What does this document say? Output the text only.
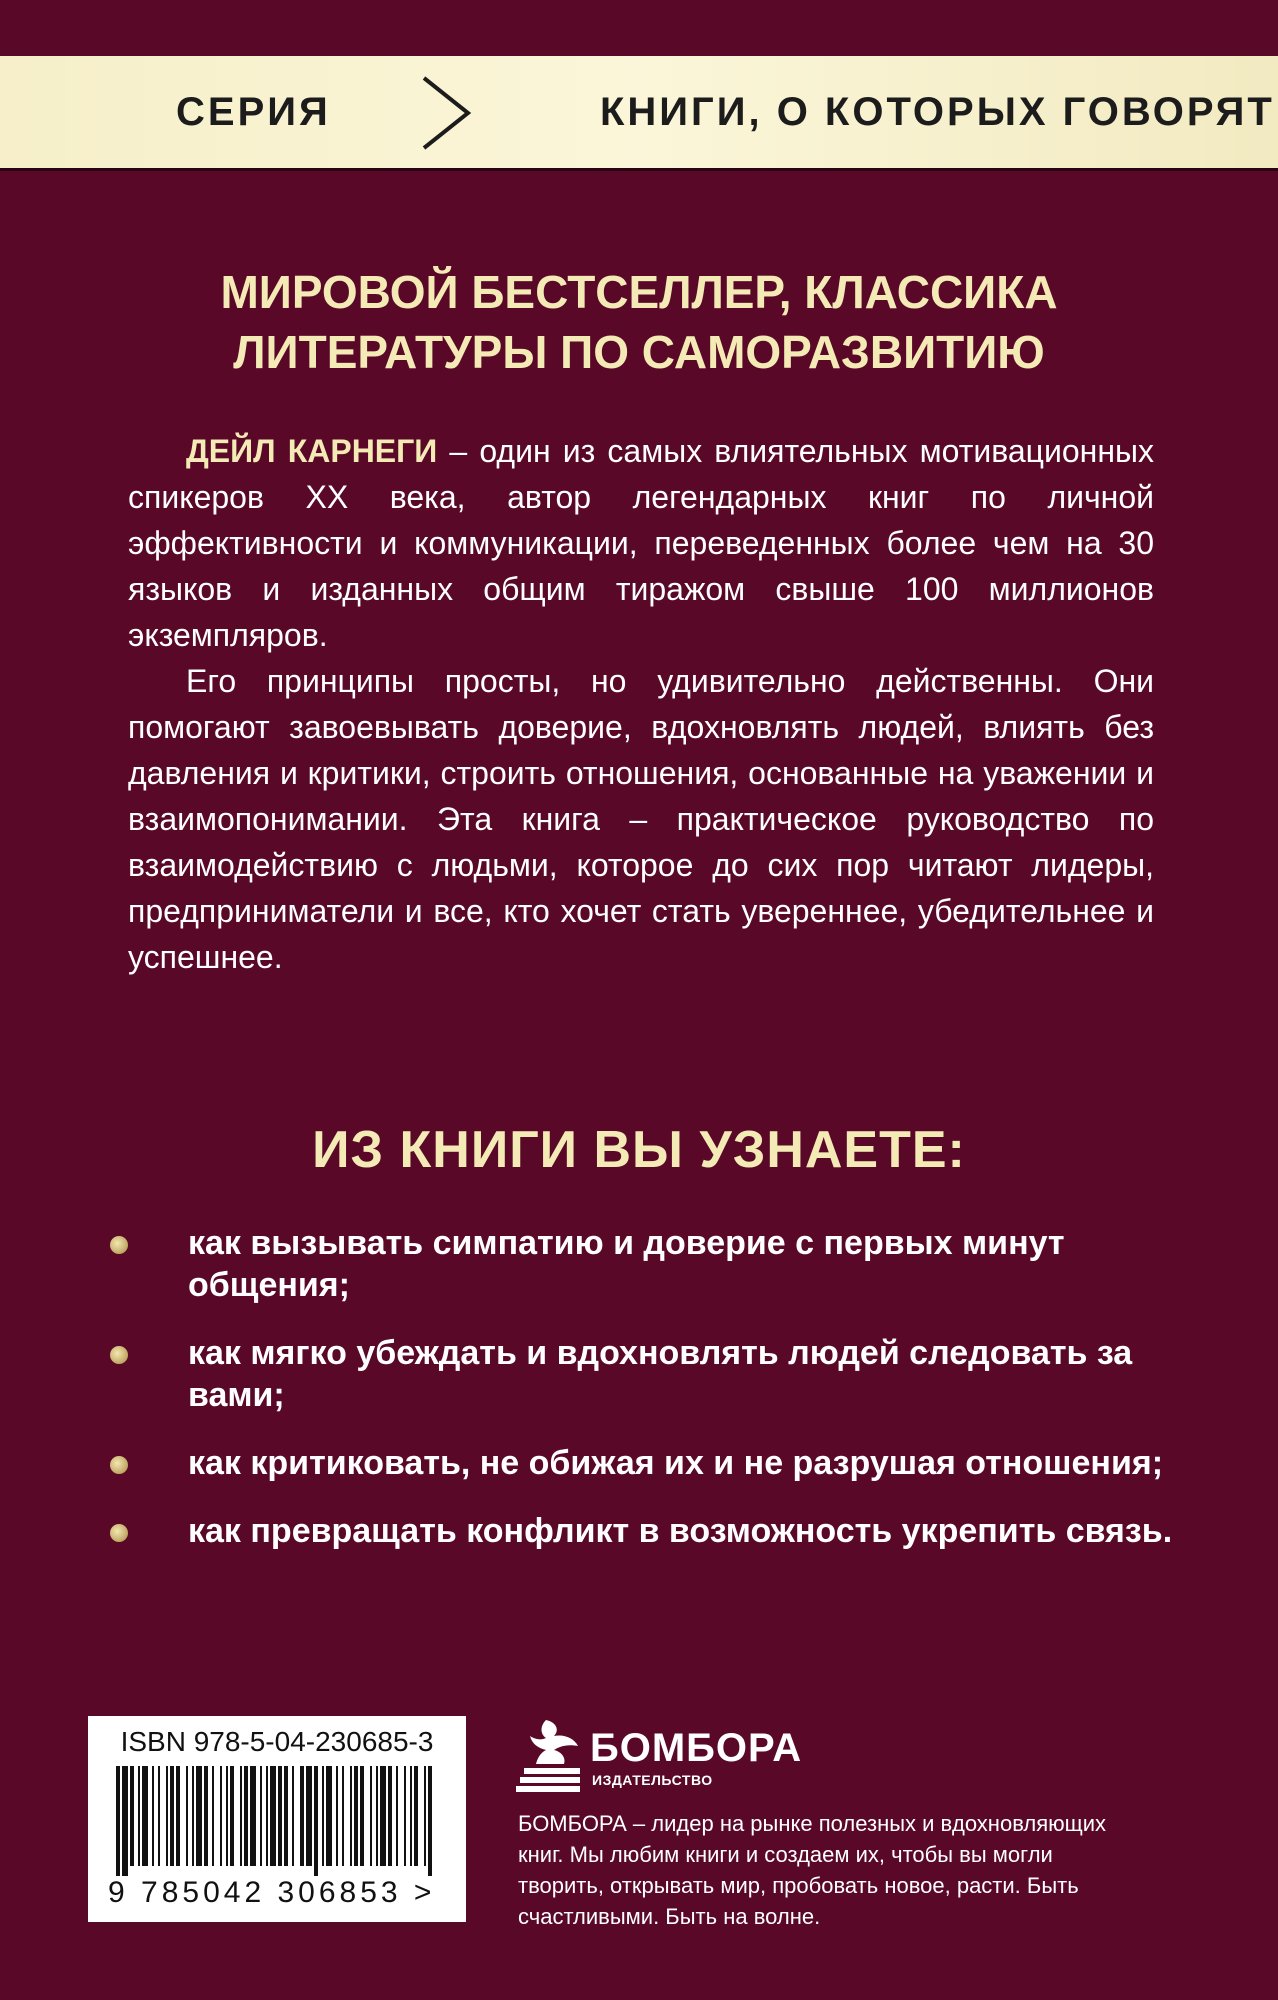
СЕРИЯ	КНИГИ, О КОТОРЫХ ГОВОРЯТ
МИРОВОЙ БЕСТСЕЛЛЕР, КЛАССИКА
ЛИТЕРАТУРЫ ПО САМОРАЗВИТИЮ

ДЕЙЛ КАРНЕГИ – один из самых влиятельных мотивационных спикеров XX века, автор легендарных книг по личной эффективности и коммуникации, переведенных более чем на 30 языков и изданных общим тиражом свыше 100 миллионов экземпляров.

Его принципы просты, но удивительно действенны. Они помогают завоевывать доверие, вдохновлять людей, влиять без давления и критики, строить отношения, основанные на уважении и взаимопонимании. Эта книга – практическое руководство по взаимодействию с людьми, которое до сих пор читают лидеры, предприниматели и все, кто хочет стать увереннее, убедительнее и успешнее.

ИЗ КНИГИ ВЫ УЗНАЕТЕ:
как вызывать симпатию и доверие с первых минут общения;
как мягко убеждать и вдохновлять людей следовать за вами;
как критиковать, не обижая их и не разрушая отношения;
как превращать конфликт в возможность укрепить связь.
ISBN 978-5-04-230685-3
9 785042 306853 >
БОМБОРА
ИЗДАТЕЛЬСТВО
БОМБОРА – лидер на рынке полезных и вдохновляющих книг. Мы любим книги и создаем их, чтобы вы могли творить, открывать мир, пробовать новое, расти. Быть счастливыми. Быть на волне.
